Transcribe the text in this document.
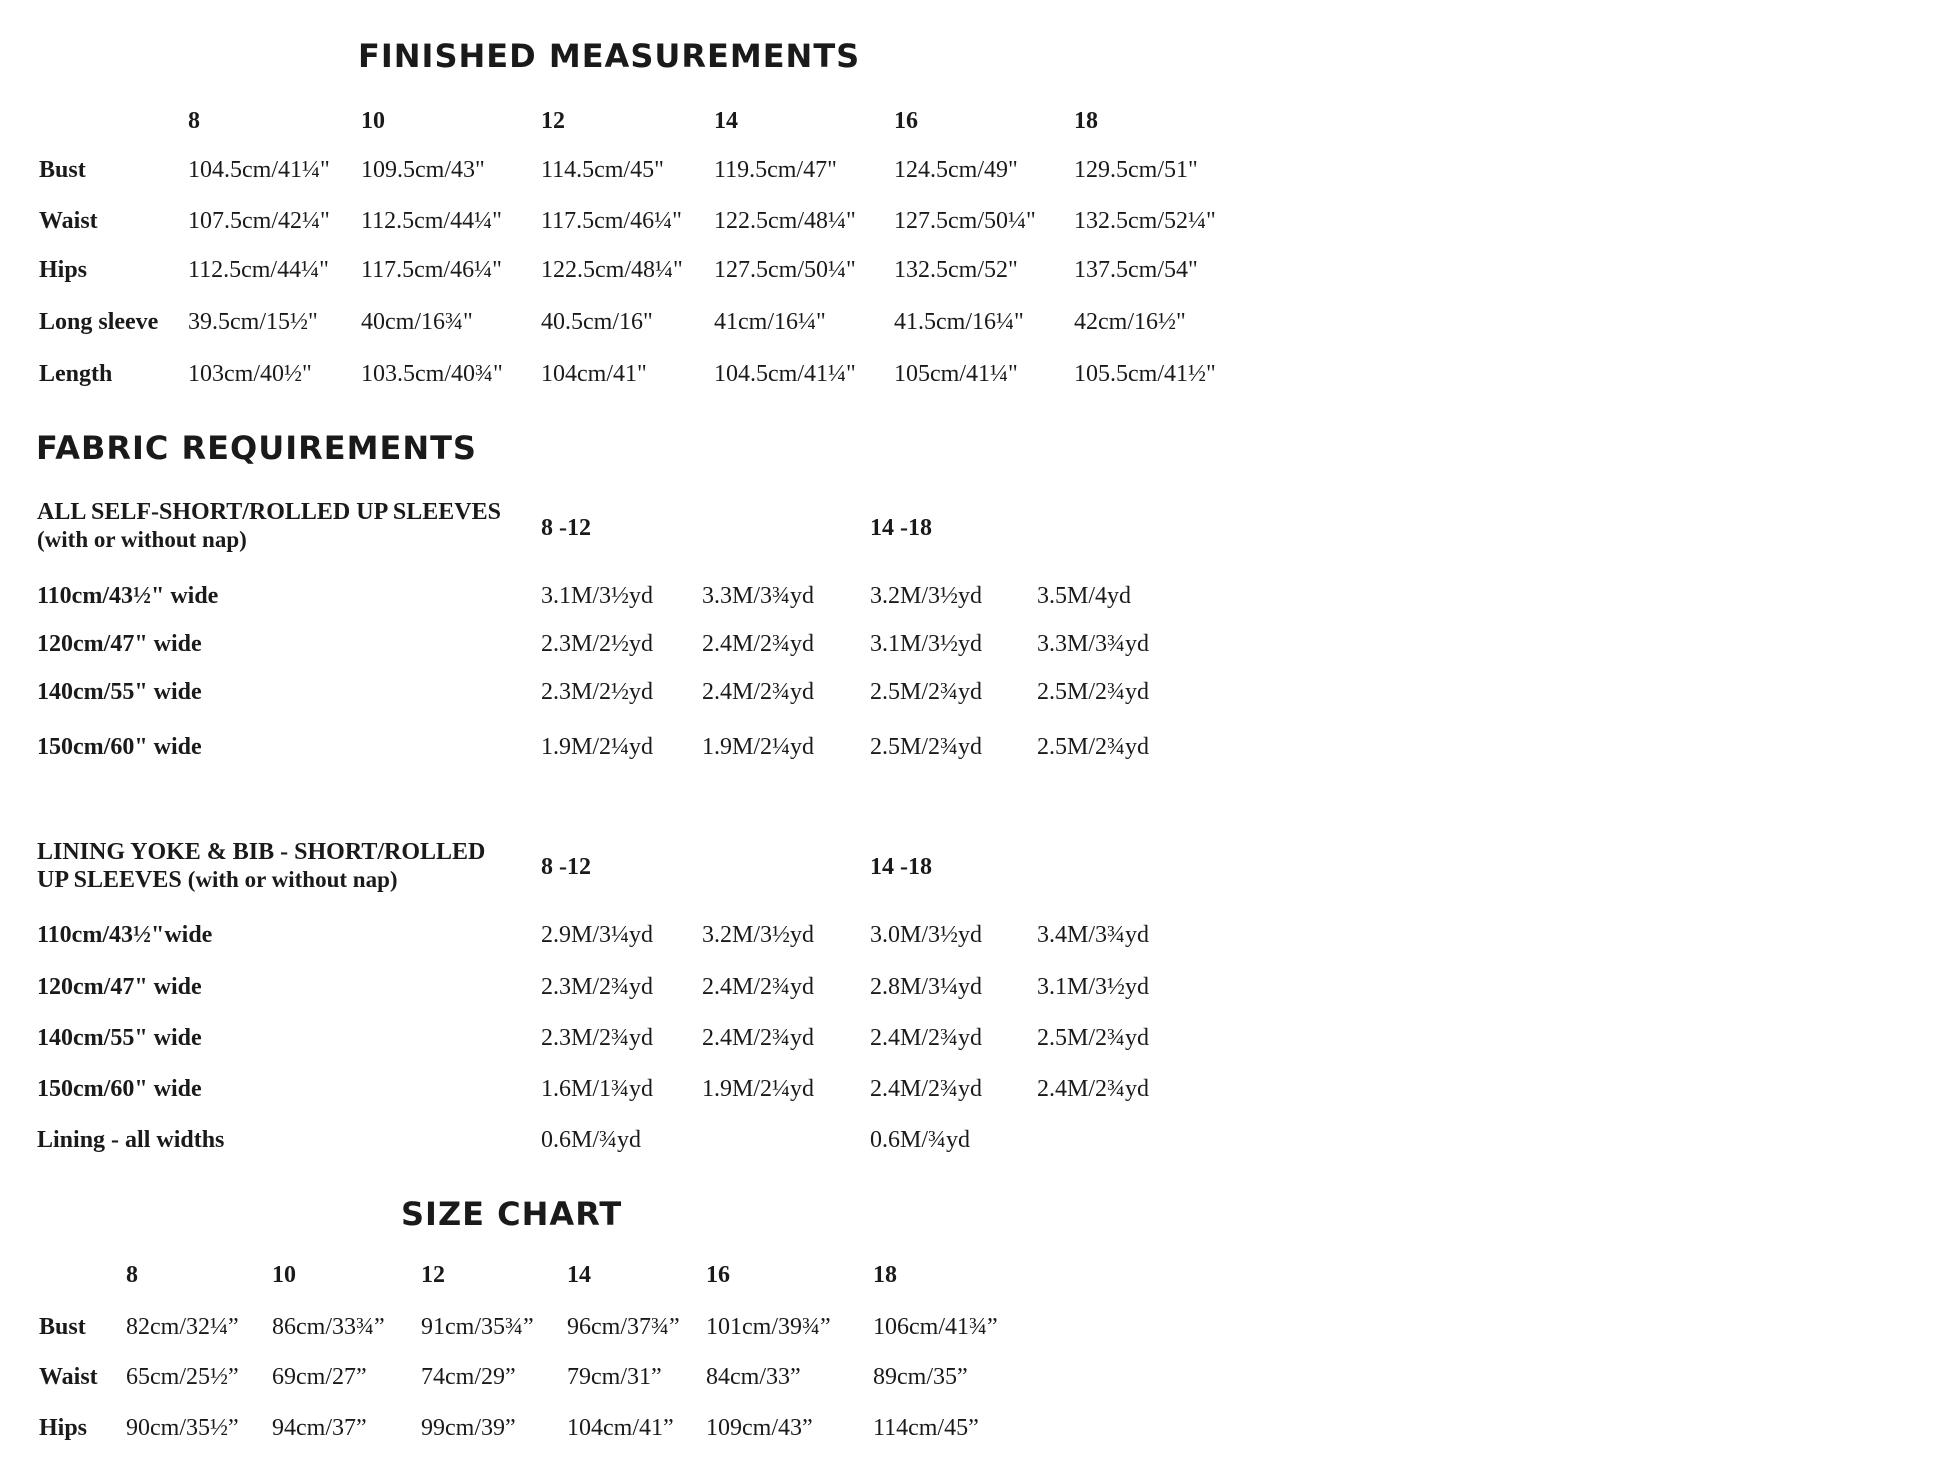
FINISHED MEASUREMENTS
8	10	12	14	16	18
Bust	104.5cm/41¼" 109.5cm/43" 114.5cm/45" 119.5cm/47" 124.5cm/49" 129.5cm/51"
Waist	107.5cm/42¼" 112.5cm/44¼" 117.5cm/46¼" 122.5cm/48¼" 127.5cm/50¼" 132.5cm/52¼"
Hips	112.5cm/44¼" 117.5cm/46¼" 122.5cm/48¼" 127.5cm/50¼" 132.5cm/52" 137.5cm/54"
Long sleeve 39.5cm/15½" 40cm/16¾"	40.5cm/16"	41cm/16¼"	41.5cm/16¼" 42cm/16½"
Length	103cm/40½" 103.5cm/40¾" 104cm/41"	104.5cm/41¼" 105cm/41¼" 105.5cm/41½"
FABRIC REQUIREMENTS
ALL SELF-SHORT/ROLLED UP SLEEVES
(with or without nap)	8 -12	14 -18
110cm/43½" wide	3.1M/3½yd 3.3M/3¾yd 3.2M/3½yd 3.5M/4yd
120cm/47" wide	2.3M/2½yd 2.4M/2¾yd 3.1M/3½yd 3.3M/3¾yd
140cm/55" wide	2.3M/2½yd 2.4M/2¾yd 2.5M/2¾yd 2.5M/2¾yd
150cm/60" wide	1.9M/2¼yd 1.9M/2¼yd 2.5M/2¾yd 2.5M/2¾yd
LINING YOKE & BIB - SHORT/ROLLED
UP SLEEVES (with or without nap)	8 -12	14 -18
110cm/43½"wide	2.9M/3¼yd 3.2M/3½yd 3.0M/3½yd 3.4M/3¾yd
120cm/47" wide	2.3M/2¾yd 2.4M/2¾yd 2.8M/3¼yd 3.1M/3½yd
140cm/55" wide	2.3M/2¾yd 2.4M/2¾yd 2.4M/2¾yd 2.5M/2¾yd
150cm/60" wide	1.6M/1¾yd 1.9M/2¼yd 2.4M/2¾yd 2.4M/2¾yd
Lining - all widths	0.6M/¾yd	0.6M/¾yd
SIZE CHART
8	10	12	14	16	18
Bust 82cm/32¼” 86cm/33¾” 91cm/35¾” 96cm/37¾” 101cm/39¾” 106cm/41¾”
Waist 65cm/25½” 69cm/27” 74cm/29” 79cm/31” 84cm/33”	89cm/35”
Hips 90cm/35½” 94cm/37” 99cm/39” 104cm/41” 109cm/43”	114cm/45”
